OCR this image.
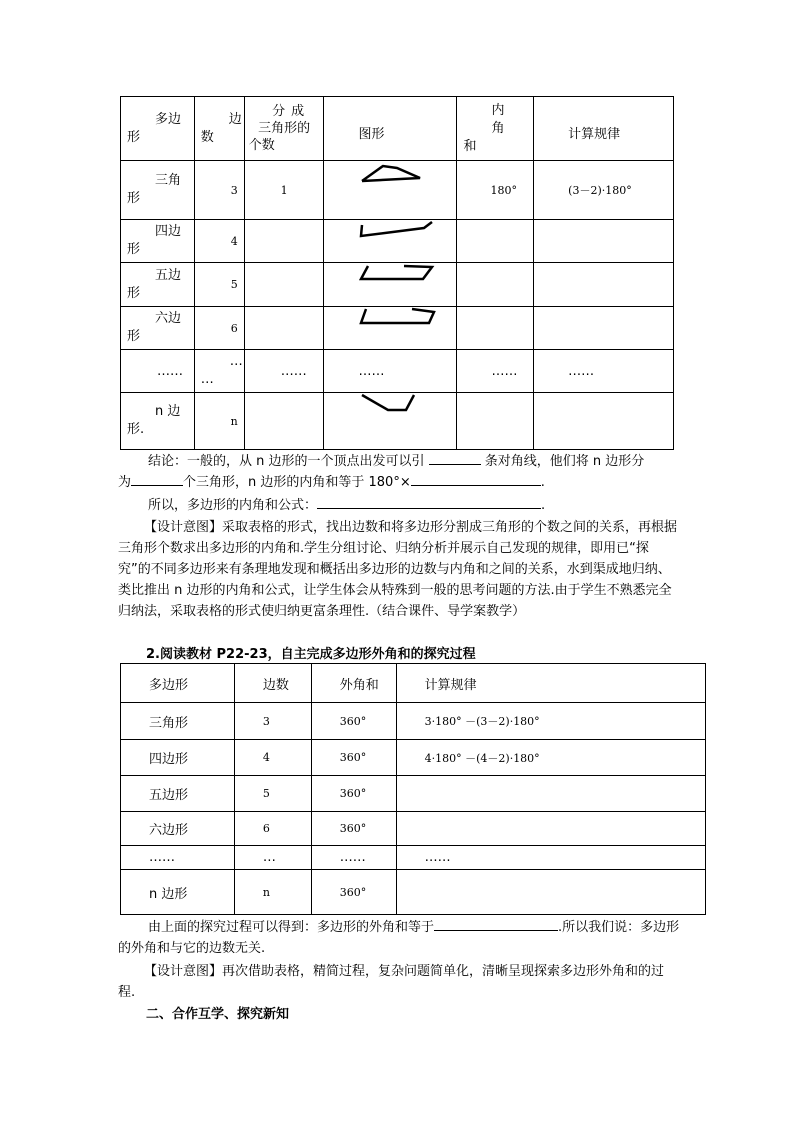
多边
形	边
数	分成
三角形的
个数	图形	内角
和	计算规律

三角
形	3	1		180°	(3－2)·180°

四边
形	4		

五边
形	5		

六边
形	6		

……	…
…	……	……	……	……

n 边
形.	n		

结论：一般的，从 n 边形的一个顶点出发可以引	条对角线，他们将 n 边形分
为	个三角形，n 边形的内角和等于 180°×	.

所以，多边形的内角和公式：	.

【设计意图】采取表格的形式，找出边数和将多边形分割成三角形的个数之间的关系，再根据三角形个数求出多边形的内角和.学生分组讨论、归纳分析并展示自己发现的规律，即用已“探究”的不同多边形来有条理地发现和概括出多边形的边数与内角和之间的关系，水到渠成地归纳、类比推出 n 边形的内角和公式，让学生体会从特殊到一般的思考问题的方法.由于学生不熟悉完全归纳法，采取表格的形式使归纳更富条理性.（结合课件、导学案教学）

2.阅读教材 P22-23，自主完成多边形外角和的探究过程

多边形	边数	外角和	计算规律
三角形	3	360°	3·180° －(3－2)·180°
四边形	4	360°	4·180° －(4－2)·180°
五边形	5	360°	
六边形	6	360°	
……	…	……	……
n 边形	n	360°	

由上面的探究过程可以得到：多边形的外角和等于	.所以我们说：多边形的外角和与它的边数无关.

【设计意图】再次借助表格，精简过程，复杂问题简单化，清晰呈现探索多边形外角和的过程.

二、合作互学、探究新知
